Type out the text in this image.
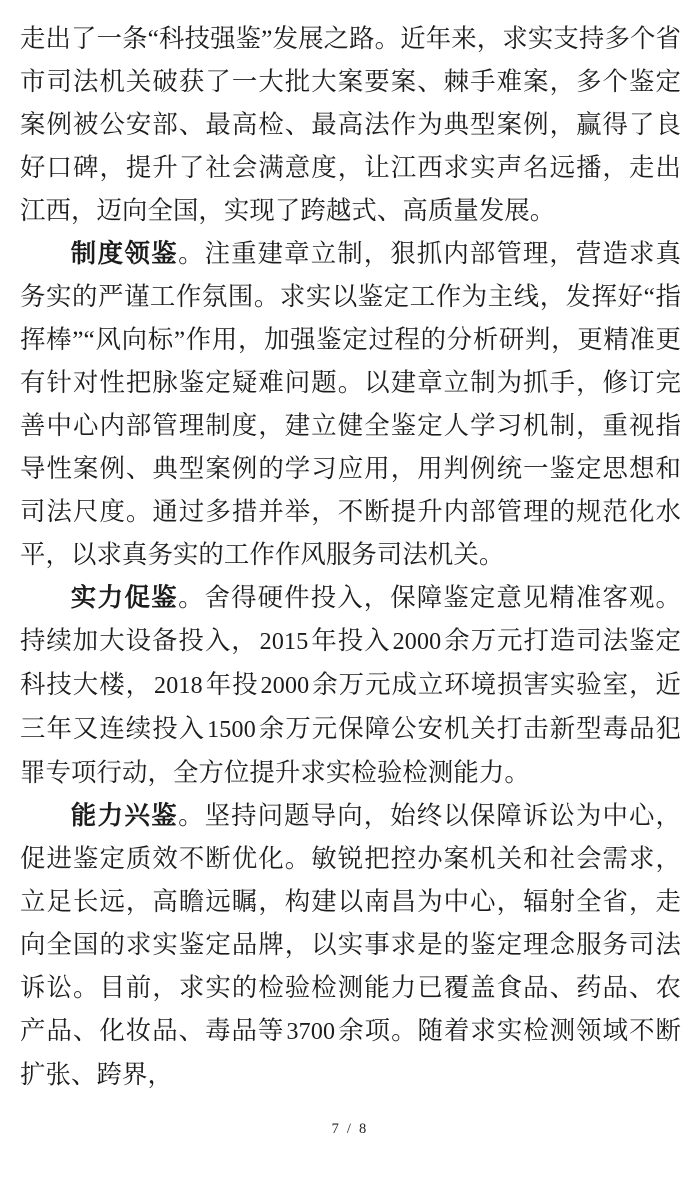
走出了一条“科技强鉴”发展之路。近年来，求实支持多个省市司法机关破获了一大批大案要案、棘手难案，多个鉴定案例被公安部、最高检、最高法作为典型案例，赢得了良好口碑，提升了社会满意度，让江西求实声名远播，走出江西，迈向全国，实现了跨越式、高质量发展。

制度领鉴。注重建章立制，狠抓内部管理，营造求真务实的严谨工作氛围。求实以鉴定工作为主线，发挥好“指挥棒”“风向标”作用，加强鉴定过程的分析研判，更精准更有针对性把脉鉴定疑难问题。以建章立制为抓手，修订完善中心内部管理制度，建立健全鉴定人学习机制，重视指导性案例、典型案例的学习应用，用判例统一鉴定思想和司法尺度。通过多措并举，不断提升内部管理的规范化水平，以求真务实的工作作风服务司法机关。

实力促鉴。舍得硬件投入，保障鉴定意见精准客观。持续加大设备投入，2015年投入2000余万元打造司法鉴定科技大楼，2018年投2000余万元成立环境损害实验室，近三年又连续投入1500余万元保障公安机关打击新型毒品犯罪专项行动，全方位提升求实检验检测能力。

能力兴鉴。坚持问题导向，始终以保障诉讼为中心，促进鉴定质效不断优化。敏锐把控办案机关和社会需求，立足长远，高瞻远瞩，构建以南昌为中心，辐射全省，走向全国的求实鉴定品牌，以实事求是的鉴定理念服务司法诉讼。目前，求实的检验检测能力已覆盖食品、药品、农产品、化妆品、毒品等3700余项。随着求实检测领域不断扩张、跨界，

7 / 8
